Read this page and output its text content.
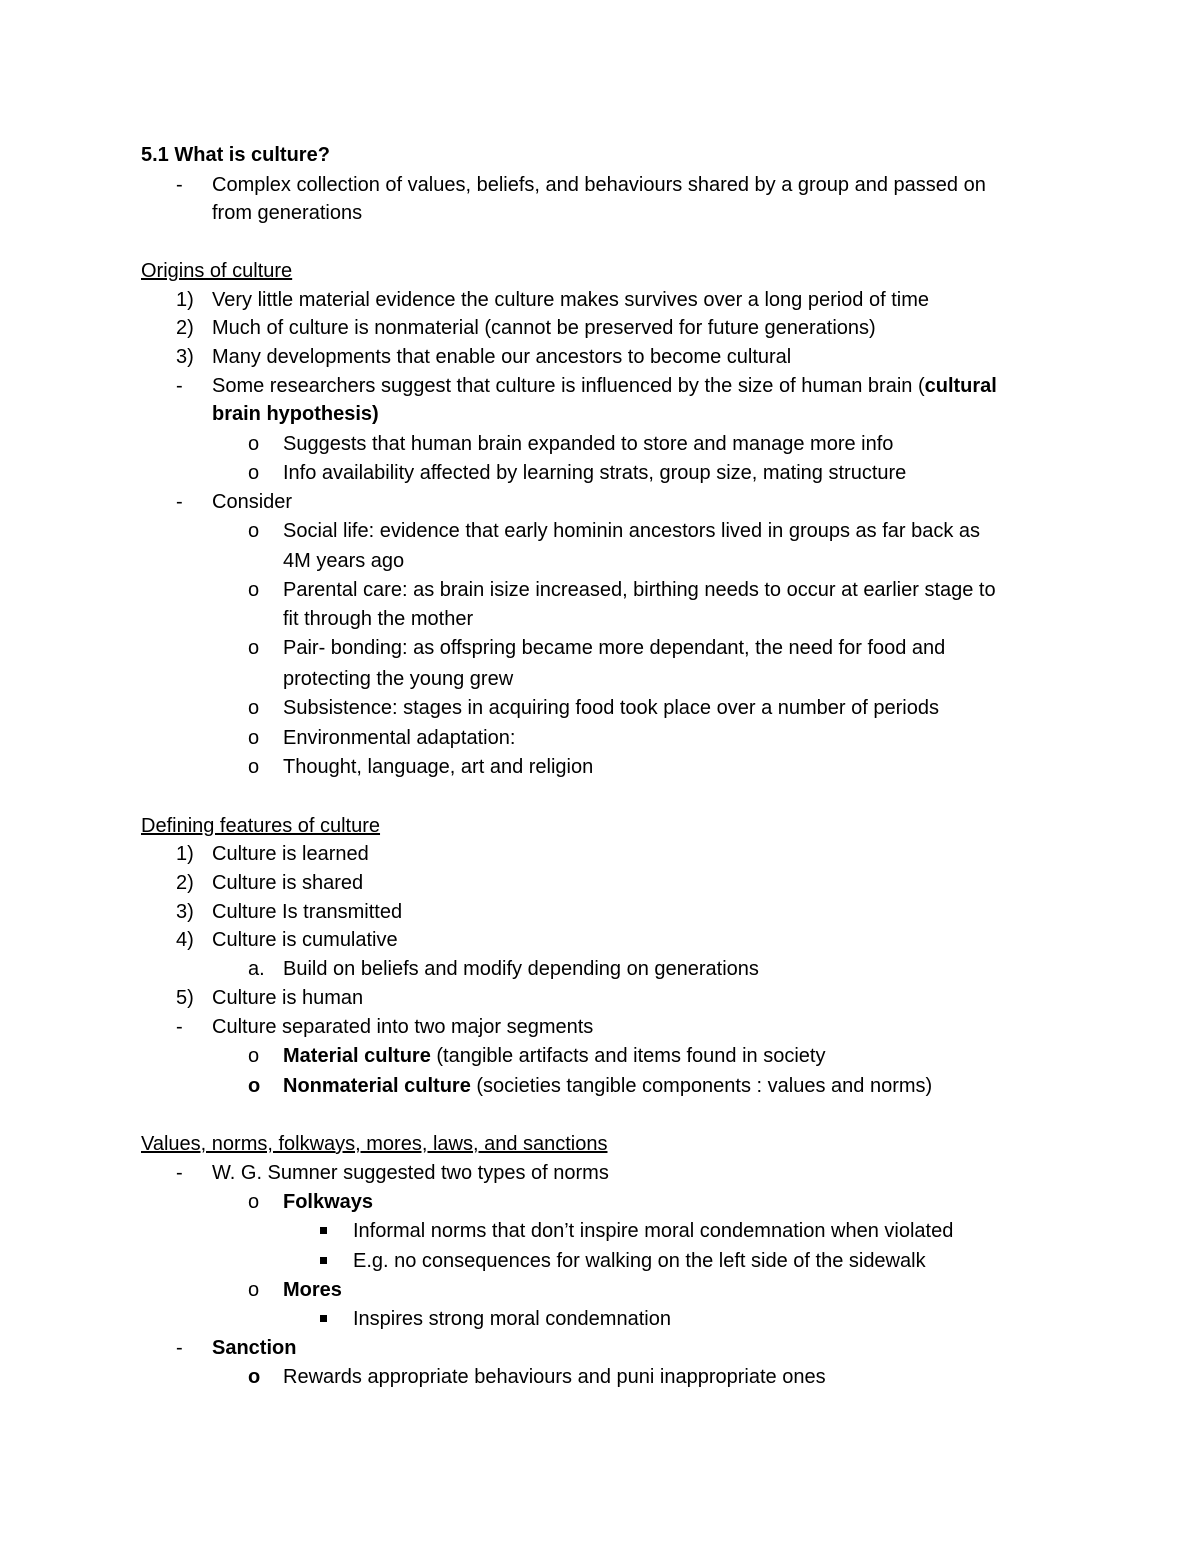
5.1 What is culture?
- Complex collection of values, beliefs, and behaviours shared by a group and passed on
from generations
Origins of culture
1) Very little material evidence the culture makes survives over a long period of time
2) Much of culture is nonmaterial (cannot be preserved for future generations)
3) Many developments that enable our ancestors to become cultural
- Some researchers suggest that culture is influenced by the size of human brain (cultural
brain hypothesis)
o Suggests that human brain expanded to store and manage more info
o Info availability affected by learning strats, group size, mating structure
- Consider
o Social life: evidence that early hominin ancestors lived in groups as far back as
4M years ago
o Parental care: as brain isize increased, birthing needs to occur at earlier stage to
fit through the mother
o Pair- bonding: as offspring became more dependant, the need for food and
protecting the young grew
o Subsistence: stages in acquiring food took place over a number of periods
o Environmental adaptation:
o Thought, language, art and religion
Defining features of culture
1) Culture is learned
2) Culture is shared
3) Culture Is transmitted
4) Culture is cumulative
a. Build on beliefs and modify depending on generations
5) Culture is human
- Culture separated into two major segments
o Material culture (tangible artifacts and items found in society
o Nonmaterial culture (societies tangible components : values and norms)
Values, norms, folkways, mores, laws, and sanctions
- W. G. Sumner suggested two types of norms
o Folkways
Informal norms that don’t inspire moral condemnation when violated
E.g. no consequences for walking on the left side of the sidewalk
o Mores
Inspires strong moral condemnation
- Sanction
o Rewards appropriate behaviours and puni inappropriate ones
